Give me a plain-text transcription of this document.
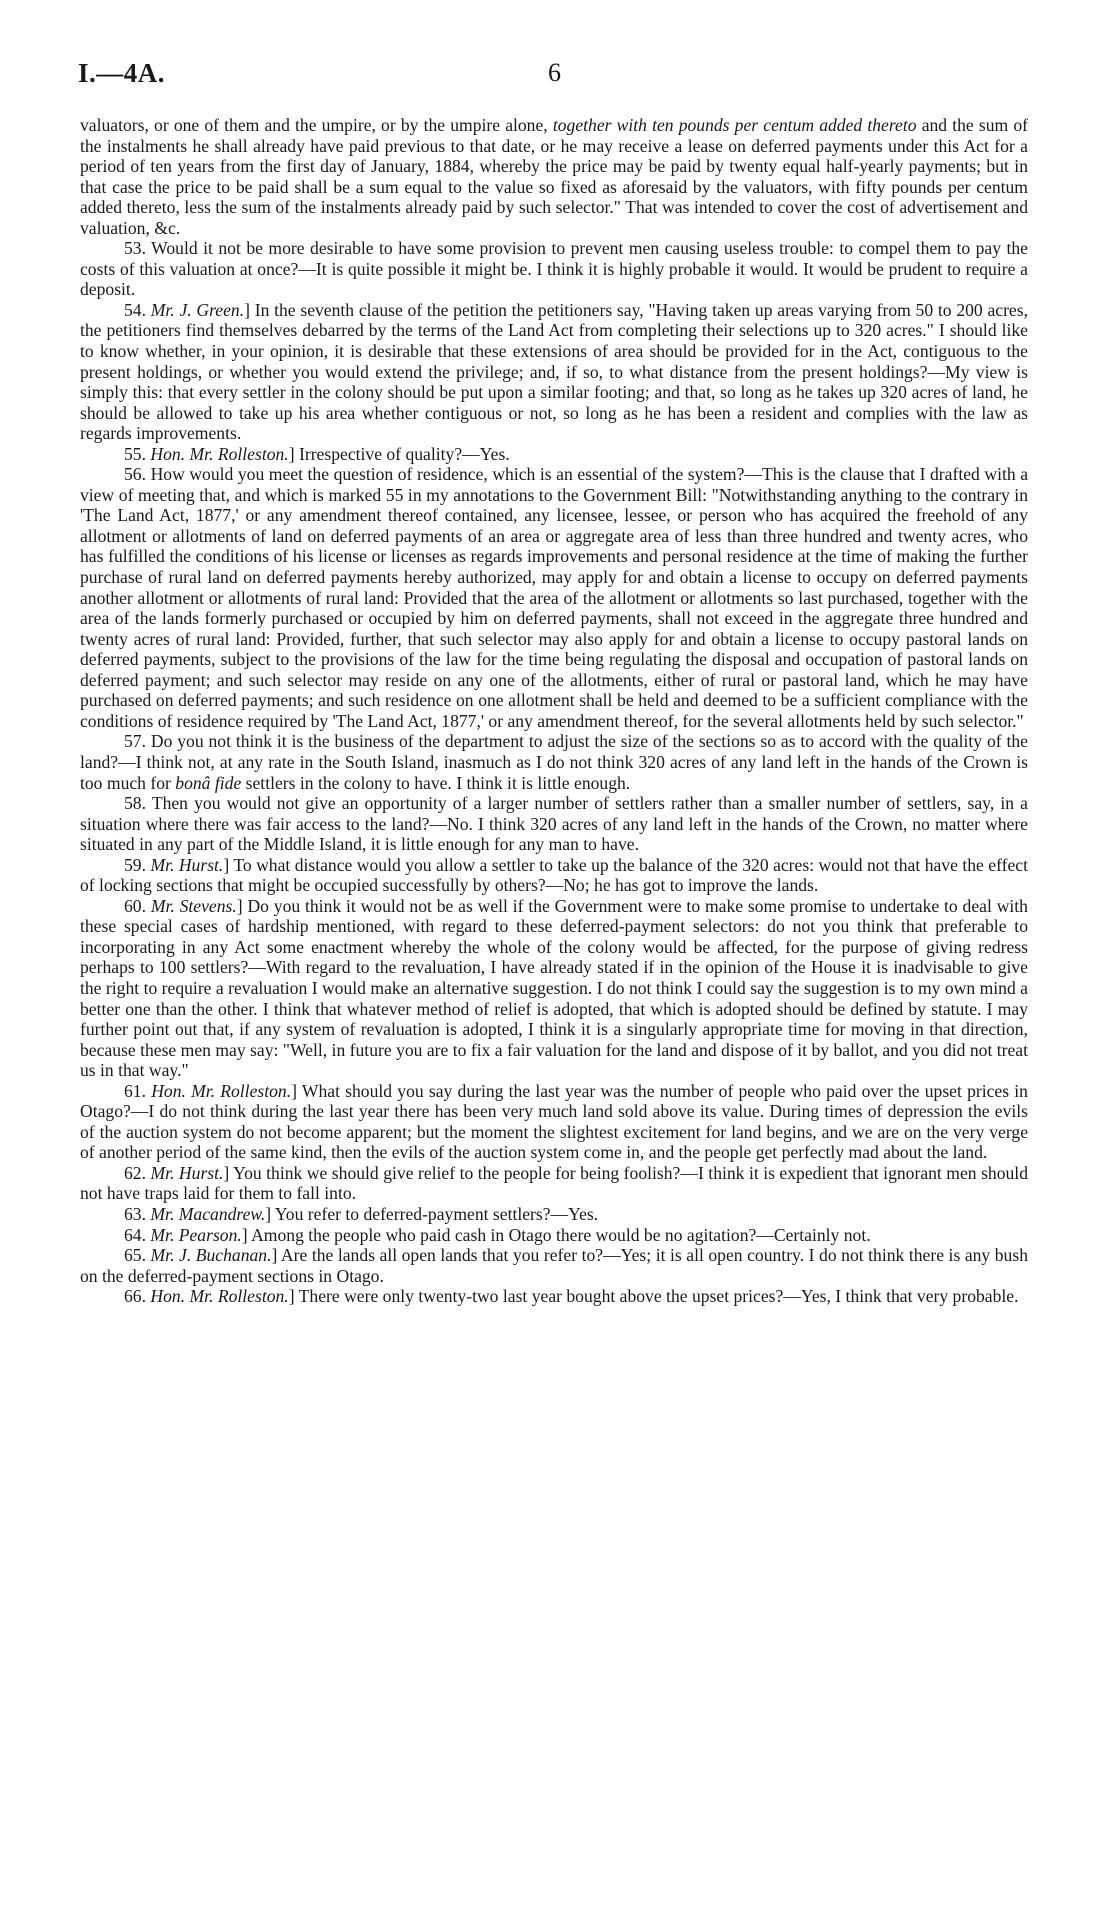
I.—4A.	6

valuators, or one of them and the umpire, or by the umpire alone, together with ten pounds per centum added thereto and the sum of the instalments he shall already have paid previous to that date, or he may receive a lease on deferred payments under this Act for a period of ten years from the first day of January, 1884, whereby the price may be paid by twenty equal half-yearly payments; but in that case the price to be paid shall be a sum equal to the value so fixed as aforesaid by the valuators, with fifty pounds per centum added thereto, less the sum of the instalments already paid by such selector." That was intended to cover the cost of advertisement and valuation, &c.

53. Would it not be more desirable to have some provision to prevent men causing useless trouble: to compel them to pay the costs of this valuation at once?—It is quite possible it might be. I think it is highly probable it would. It would be prudent to require a deposit.

54. Mr. J. Green.] In the seventh clause of the petition the petitioners say, "Having taken up areas varying from 50 to 200 acres, the petitioners find themselves debarred by the terms of the Land Act from completing their selections up to 320 acres." I should like to know whether, in your opinion, it is desirable that these extensions of area should be provided for in the Act, contiguous to the present holdings, or whether you would extend the privilege; and, if so, to what distance from the present holdings?—My view is simply this: that every settler in the colony should be put upon a similar footing; and that, so long as he takes up 320 acres of land, he should be allowed to take up his area whether contiguous or not, so long as he has been a resident and complies with the law as regards improvements.

55. Hon. Mr. Rolleston.] Irrespective of quality?—Yes.

56. How would you meet the question of residence, which is an essential of the system?—This is the clause that I drafted with a view of meeting that, and which is marked 55 in my annotations to the Government Bill: "Notwithstanding anything to the contrary in 'The Land Act, 1877,' or any amendment thereof contained, any licensee, lessee, or person who has acquired the freehold of any allotment or allotments of land on deferred payments of an area or aggregate area of less than three hundred and twenty acres, who has fulfilled the conditions of his license or licenses as regards improvements and personal residence at the time of making the further purchase of rural land on deferred payments hereby authorized, may apply for and obtain a license to occupy on deferred payments another allotment or allotments of rural land: Provided that the area of the allotment or allotments so last purchased, together with the area of the lands formerly purchased or occupied by him on deferred payments, shall not exceed in the aggregate three hundred and twenty acres of rural land: Provided, further, that such selector may also apply for and obtain a license to occupy pastoral lands on deferred payments, subject to the provisions of the law for the time being regulating the disposal and occupation of pastoral lands on deferred payment; and such selector may reside on any one of the allotments, either of rural or pastoral land, which he may have purchased on deferred payments; and such residence on one allotment shall be held and deemed to be a sufficient compliance with the conditions of residence required by 'The Land Act, 1877,' or any amendment thereof, for the several allotments held by such selector."

57. Do you not think it is the business of the department to adjust the size of the sections so as to accord with the quality of the land?—I think not, at any rate in the South Island, inasmuch as I do not think 320 acres of any land left in the hands of the Crown is too much for bonâ fide settlers in the colony to have. I think it is little enough.

58. Then you would not give an opportunity of a larger number of settlers rather than a smaller number of settlers, say, in a situation where there was fair access to the land?—No. I think 320 acres of any land left in the hands of the Crown, no matter where situated in any part of the Middle Island, it is little enough for any man to have.

59. Mr. Hurst.] To what distance would you allow a settler to take up the balance of the 320 acres: would not that have the effect of locking sections that might be occupied successfully by others?—No; he has got to improve the lands.

60. Mr. Stevens.] Do you think it would not be as well if the Government were to make some promise to undertake to deal with these special cases of hardship mentioned, with regard to these deferred-payment selectors: do not you think that preferable to incorporating in any Act some enactment whereby the whole of the colony would be affected, for the purpose of giving redress perhaps to 100 settlers?—With regard to the revaluation, I have already stated if in the opinion of the House it is inadvisable to give the right to require a revaluation I would make an alternative suggestion. I do not think I could say the suggestion is to my own mind a better one than the other. I think that whatever method of relief is adopted, that which is adopted should be defined by statute. I may further point out that, if any system of revaluation is adopted, I think it is a singularly appropriate time for moving in that direction, because these men may say: "Well, in future you are to fix a fair valuation for the land and dispose of it by ballot, and you did not treat us in that way."

61. Hon. Mr. Rolleston.] What should you say during the last year was the number of people who paid over the upset prices in Otago?—I do not think during the last year there has been very much land sold above its value. During times of depression the evils of the auction system do not become apparent; but the moment the slightest excitement for land begins, and we are on the very verge of another period of the same kind, then the evils of the auction system come in, and the people get perfectly mad about the land.

62. Mr. Hurst.] You think we should give relief to the people for being foolish?—I think it is expedient that ignorant men should not have traps laid for them to fall into.

63. Mr. Macandrew.] You refer to deferred-payment settlers?—Yes.

64. Mr. Pearson.] Among the people who paid cash in Otago there would be no agitation?—Certainly not.

65. Mr. J. Buchanan.] Are the lands all open lands that you refer to?—Yes; it is all open country. I do not think there is any bush on the deferred-payment sections in Otago.

66. Hon. Mr. Rolleston.] There were only twenty-two last year bought above the upset prices?—Yes, I think that very probable.
